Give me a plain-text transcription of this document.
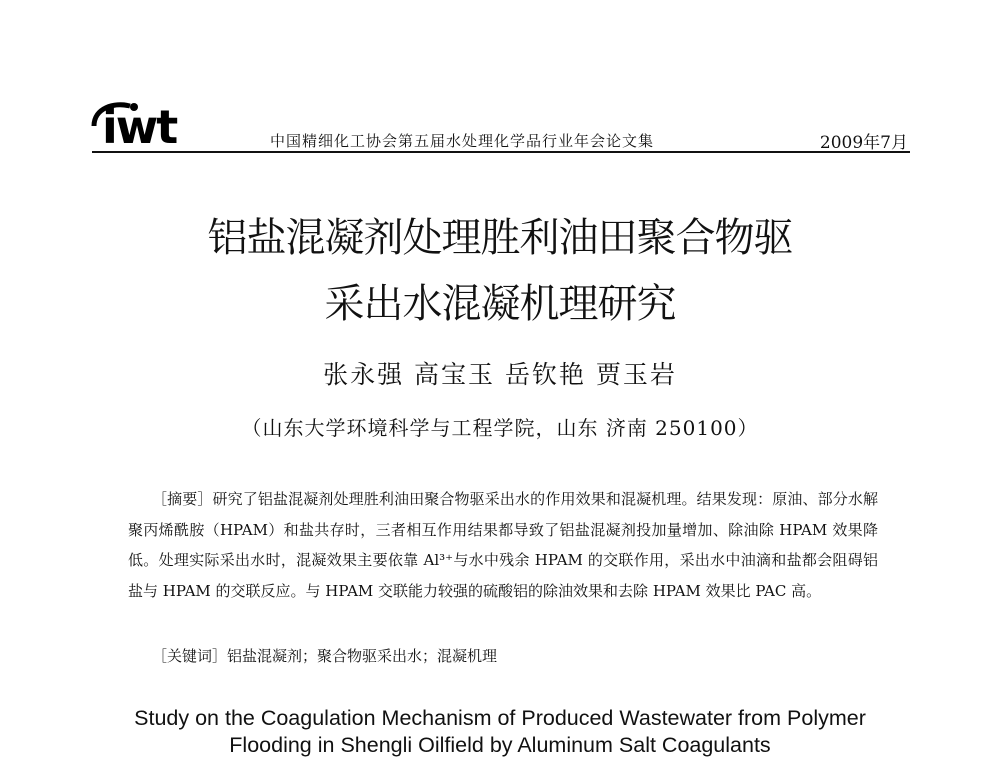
iwt	中国精细化工协会第五届水处理化学品行业年会论文集	2009年7月
铝盐混凝剂处理胜利油田聚合物驱
采出水混凝机理研究
张永强 高宝玉 岳钦艳 贾玉岩
（山东大学环境科学与工程学院，山东 济南 250100）
［摘要］研究了铝盐混凝剂处理胜利油田聚合物驱采出水的作用效果和混凝机理。结果发现：原油、部分水解聚丙烯酰胺（HPAM）和盐共存时，三者相互作用结果都导致了铝盐混凝剂投加量增加、除油除 HPAM 效果降低。处理实际采出水时，混凝效果主要依靠 Al³⁺与水中残余 HPAM 的交联作用，采出水中油滴和盐都会阻碍铝盐与 HPAM 的交联反应。与 HPAM 交联能力较强的硫酸铝的除油效果和去除 HPAM 效果比 PAC 高。
［关键词］铝盐混凝剂；聚合物驱采出水；混凝机理
Study on the Coagulation Mechanism of Produced Wastewater from Polymer
Flooding in Shengli Oilfield by Aluminum Salt Coagulants
